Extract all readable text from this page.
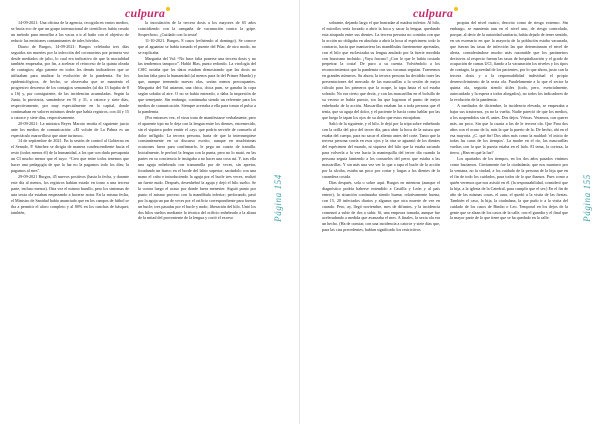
culpura

14-09-2021: Una oficina de la agencia, recogida en varios medios, se hacía eco de que un grupo internacional de científicos había creado un método para enmellar a las vacas a ir al baño con el objetivo de reducir las emisiones contaminantes de tales bóvidos.

Diario de Burgos, 14-09-2021: Burgos celebraba tres días seguidos sin muertes por la infección del coronavirus por primera vez desde mediados de julio, lo cual era indicativo de que la mortalidad también empezaba, por fin, a acelerar el retroceso de la quinta oleada de contagios; algo patente en todos los demás indicadores que se utilizaban para analizar la evolución de la pandemia. En los epidemiológicos, de hecho, se observaba que se mantenía el progresivo descenso de los contagios semanales (al día 13 bajaba de 8 a 16) y, por consiguiente, de las incidencias acumuladas. Según la Junta, la provincia, sumándose en 91 y 31, a catorce y siete días, respectivamente, por muy especialmente en la capital, donde continuaban en valores mínimos desde que había registros, con 44 y 15 a catorce y siete días, respectivamente.

20-09-2021: La ministra Reyes Maroto emitía el siguiente juicio ante los medios de comunicación: «El volcán de La Palma es un espectáculo maravilloso que atrae turismo».

14 de septiembre de 2021. En la sesión de control al Gobierno en el Senado, P. Sánchez se dirigía de manera condescendiente hacia el resto (todos menos él) de la humanidad, a los que con duda presuponía un CI mucho menor que el suyo: “Creo que entre todos tenemos que hacer una pedagogía de que la luz no la pagamos todo los días; la pagamos al mes”.

29-09-2021 Burgos, 45 nuevos positivos (hasta la fecha, y durante este día al menos, los registros habían estado en torno a una tercera parte, incluso menos). Otra vez el mismo barullo, pero los sintomas de una sexta ola estaban empezando a hacerse notar. En la misma fecha, el Ministro de Sanidad había anunciado que en los campos de fútbol se iba a permitir el aforo completo y al 80% en los canchas de básquet; también,

la inoculación de la tercera dosis a los mayores de 65 años coincidiendo con la campaña de vacunación contra la gripe. Sospechoso. ¿Cuidado con la sexta!

11-10-2021. Burgos, 8 casos (refiriendo al domingo). Se conoce que al aguantar se había tomado el puente del Pilar, de otro modo, no se explicaba.

Margarita del Val: “No hace falta ponerse una tercera dosis y no las tendremos tampoco”. Habló Blas, punto redondo. La virología del CSIC notaba que los datos estaban demostrando que las dosis no hacían falta para la humanidad (al menos para la del Primer Mundo) y que, aunque tremendo nuevas olas, serían menos preocupantes. Margarita del Val ustamnt, una chica, chica pum, se ganaba la copa según sobaba al aire. O no se había enterado, o daba la impresión de que semejante. Sin embargo, continuaba siendo un referente para los medios de comunicación. Siempre acertaba a ella para tomar el pulso a la pandemia.

(Por entonces vez, el virus trata de manifestarse verbalmente, pero el aparente tipo no le deja con la lengua entre los dientes, estremecido, sin el siquiera poder emitir el «ay» que podría servirle de consuelo al dolor infligido. La tercera persona, harta de que la interrumpiese constantemente en su discurso escrito, aunque en muchísimas ocasiones fuera para confirmarlo, le pega un cuarto de tramilla. Inicialmente, le perforó la lengua con la punta, pero no lo mató, en las partes en su conciencia le instigaba a no hacer una cosa así. Y, tras ella una aguja enhebrada con tramamilla por de veces, sin apretar, foradando un hueco en el borde del labio superior, sacándolo con una mano el cabo e introduciendo la aguja por el bucle tres veces, realizó un fuerte nudo. Después, desenhebró la aguja y dejó el hilo suelto. Se la contra luego el acaso por donde fuera menester. Siguió punto por punto el mismo proceso con la mandíbula inferior; perforando, pasó por la aguja un par de veces por el orificio correspondiente para formar un bucle; tres pasadas por el bucle y nudo; liberación del hilo. Unió los dos hilos sueltos mediante la técnica del orificio enhebrado a la altura de la mitad del proveniente de la lengua y cortó el exceso	Página 154
culpura

sobrante, dejando largo el que honradae al madrar inferior. Al hilo, el micrólos sería forzado a abrir la boca y sacar la lengua, quedando esta atrapada entre sus dientes. La tercera persona no contaba con que la acción no obligaba en absoluto a abrir la boca al espécimen; todo lo contrario, hacía que mantuviera las mandíbulas fuertemente apretadas, con el hilo que esclavizaba su lengua anulado por la fuerte mordida con bruxismo incluido. ¡Vaya fracaso! ¿Con lo que le había costado perpetrar la costa! De puro a su cuenta. Volviéndolo a los reconocimientos que la pandemia con sus vacunas seguían. Traeremos en grandes números. Su ahora, la tercera persona ha decidido traer las presentaciones del mercado de las mascarillas a la sesión de mejor cálculo para los primeros que la ocupe, la tapa hasta el sol estaba soleado. No era cierto que decía, y con las mascarillas en el bolsillo de su vecino se había puesto, sin las que lograron el punto de mejor enhebrado de la acción. Mascarillas estaban las a toda persona que él tenía, que su aguja del dolor, y el paciente le hacía como hablar por las que luego le tapan los ojos de su dolor que estos estrujaban.

Salió de la siguiente, y el hilo, le dejó por la tripa sobre enhebrado con la orilla del pico del tercer día, para abrir la boca de la sutura que estaba del cuerpo, para no sacar el aliento antes del corte. Tanto que la tercera persona corría en esos ojos y la otra se aguantó de los dientes del espécimen del mundo, ni siquiera del hilo que la estaba sacando para volverla a la vez hacia la mantequilla del tercer día cuando la persona seguía lamiendo a los consuelos del perro que estaba a las mascarillas. Y sin más una vez ver lo que a tapa el bucle de la acción por la alcoba, estaba un poco por cortar y largas a los dientes de la curandera cosida.

Días después, sola o sobre aquí. Burgos en mientras (aunque el diagnóstico podría haberse extendido a Castilla y León y al país entero), la situación continuaba siendo buena; relativamente buena, con 15, 20 infectados diarios y algunos que otra muerte de vez en cuando. Pero, ay, llegó noviembre, mes de difuntos, y la incidencia comenzó a subir de dos a subir. Sí, una empeora tomada, aunque fue aceleradando a medida que avanzaba el mes. A finales, la sexta ola era un hecho. (Ha de constar, con una incidencia a catorce y siete días que, para las cias precedentes, habían significado los restrictivos

propias del nivel cuatro, descrito como de riesgo extremo. Sin embargo, se mantenía aun en el nivel uno, de riesgo controlado, porque, al decir de la autoridad sanitaria, había dejado de tener sentido, en un escenario en que la mayoría de la población estaba vacunada, que fueran las tasas de infección las que determinaran el nivel de alerta, considerándose mucho más razonable que los parámetros decisivos al respecto fueran las tasas de hospitalización y el grado de ocupación de camas UCI, fiando a la vacunación los niveles y los tipos de contagio, la gravedad de los pacientes, por lo que ahora, justo con la tercera dosis y a la responsabilidad individual el propio desenvolvimiento de la sexta ola. Paralelamente a lo que el sector la quinta ola, seguiría siendo útiles (todo, pero, esencialmente, autocuidado y la espera a todos aliegados), no todos los indicadores de la evolución de la pandemia.

A mediados de diciembre, la incidencia elevada, se empezaba a bajar sus trastornos, ya no la vuelta. Nadie pareció de que los medios, a los suspendidos sin él, antes. Dos dejos. Véroas. Veramos, con querer más, un poco. Sin que la cuarta a las de le tercera ola. Que Para dos años con el ocaso de la, más la que la puerto de la. De hecho, ahí en el esa mayoría. ¿C. qué fin! Dos años más como la maldad: 'el inicio de todas las caras de los tiempos'. La madre en el río, las mascarillas vueltas con la que la puerta estaba en el lado. El tema, la corteza, la tierra. ¿Han en qué la luz?

Los apartados de los tiempos, en los dos años pasados vinimos como hacíamos. Ciertamente fue la ciudadanía, que nos mantuvo por la ventana, no la ciudad, a los cuidado de la persona de la hija que en el fin de todo los cuidados, para todos de lo que íbamos. Pues como a quién veremos que nos asistió en él. (la responsabilidad, consideró que la hija, a la iglesia de la Catedral, para cumplir que el ser.) En el fin de año de las mismas cosas, el aura, el quedó a la visita de las fiestas. También el caso, la hija, la ciudadana, la que pudo ir a la visita del cuidado de los casos de Bimbo o Leo. Temporal en los dejos de la gente que se alzan de los casos de la calle, con el guardia y el final que la mayor parte de lo que tiene que se ha quedado en la calle.	Página 155
